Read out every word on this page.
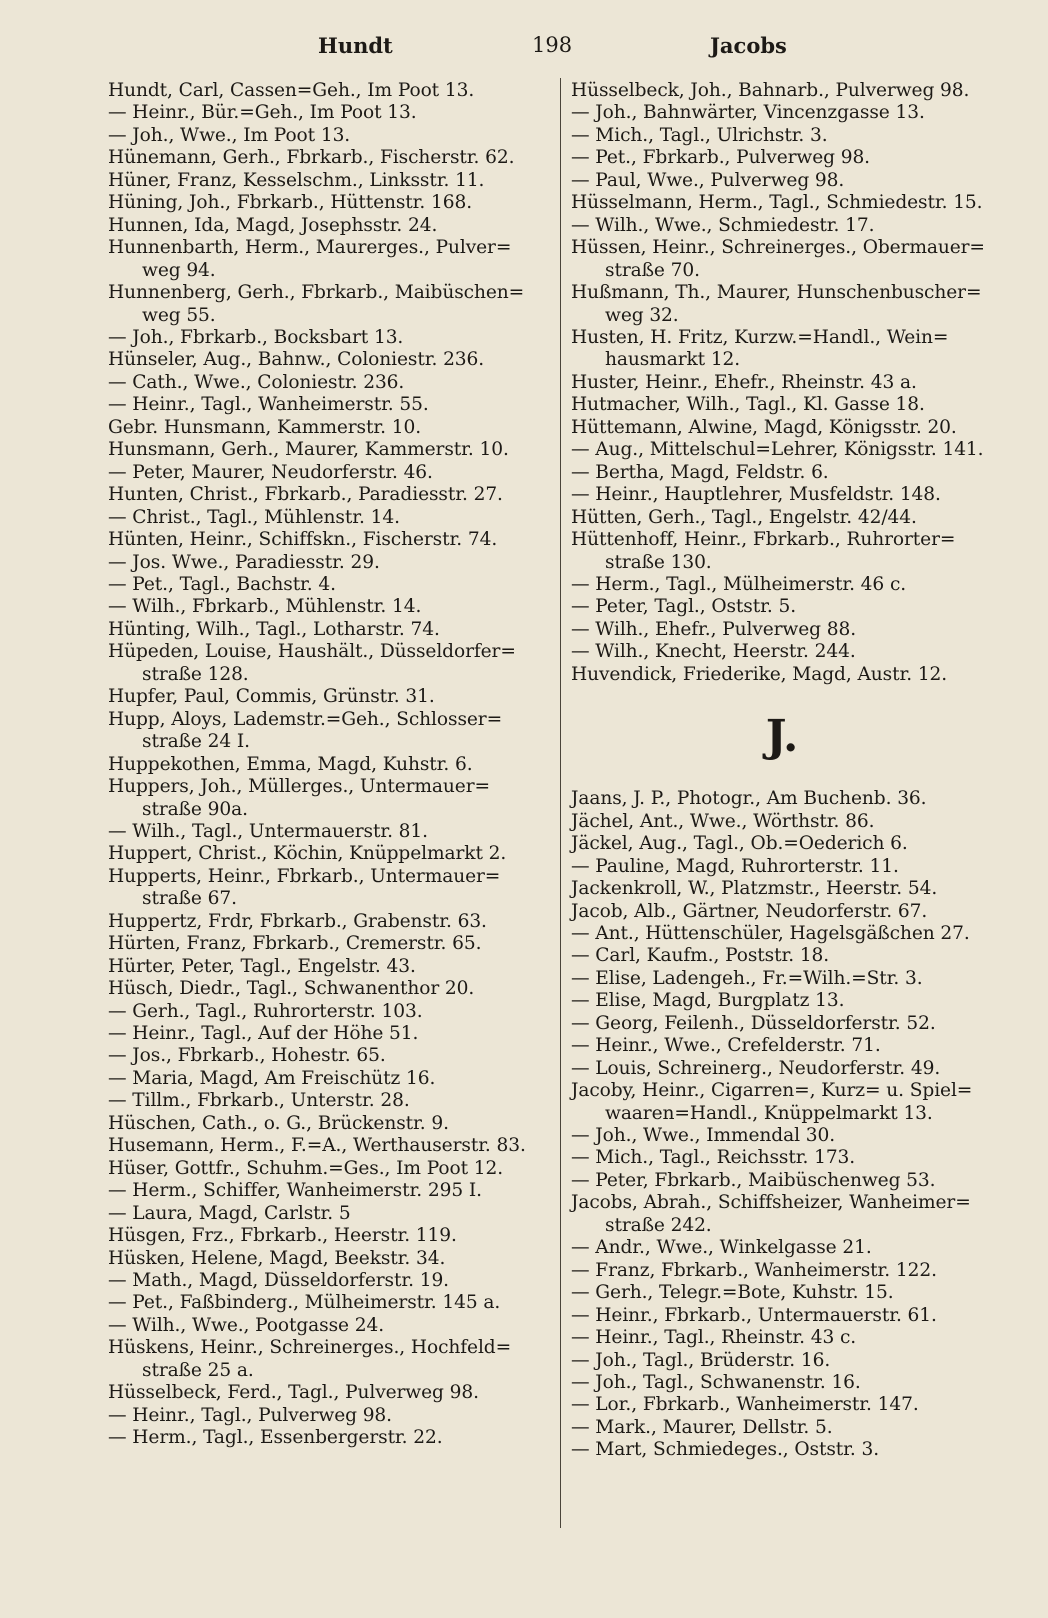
Hundt	198	Jacobs
Hundt, Carl, Cassen=Geh., Im Poot 13.
— Heinr., Bür.=Geh., Im Poot 13.
— Joh., Wwe., Im Poot 13.
Hünemann, Gerh., Fbrkarb., Fischerstr. 62.
Hüner, Franz, Kesselschm., Linksstr. 11.
Hüning, Joh., Fbrkarb., Hüttenstr. 168.
Hunnen, Ida, Magd, Josephsstr. 24.
Hunnenbarth, Herm., Maurerges., Pulver=
weg 94.
Hunnenberg, Gerh., Fbrkarb., Maibüschen=
weg 55.
— Joh., Fbrkarb., Bocksbart 13.
Hünseler, Aug., Bahnw., Coloniestr. 236.
— Cath., Wwe., Coloniestr. 236.
— Heinr., Tagl., Wanheimerstr. 55.
Gebr. Hunsmann, Kammerstr. 10.
Hunsmann, Gerh., Maurer, Kammerstr. 10.
— Peter, Maurer, Neudorferstr. 46.
Hunten, Christ., Fbrkarb., Paradiesstr. 27.
— Christ., Tagl., Mühlenstr. 14.
Hünten, Heinr., Schiffskn., Fischerstr. 74.
— Jos. Wwe., Paradiesstr. 29.
— Pet., Tagl., Bachstr. 4.
— Wilh., Fbrkarb., Mühlenstr. 14.
Hünting, Wilh., Tagl., Lotharstr. 74.
Hüpeden, Louise, Haushält., Düsseldorfer=
straße 128.
Hupfer, Paul, Commis, Grünstr. 31.
Hupp, Aloys, Lademstr.=Geh., Schlosser=
straße 24 I.
Huppekothen, Emma, Magd, Kuhstr. 6.
Huppers, Joh., Müllerges., Untermauer=
straße 90a.
— Wilh., Tagl., Untermauerstr. 81.
Huppert, Christ., Köchin, Knüppelmarkt 2.
Hupperts, Heinr., Fbrkarb., Untermauer=
straße 67.
Huppertz, Frdr, Fbrkarb., Grabenstr. 63.
Hürten, Franz, Fbrkarb., Cremerstr. 65.
Hürter, Peter, Tagl., Engelstr. 43.
Hüsch, Diedr., Tagl., Schwanenthor 20.
— Gerh., Tagl., Ruhrorterstr. 103.
— Heinr., Tagl., Auf der Höhe 51.
— Jos., Fbrkarb., Hohestr. 65.
— Maria, Magd, Am Freischütz 16.
— Tillm., Fbrkarb., Unterstr. 28.
Hüschen, Cath., o. G., Brückenstr. 9.
Husemann, Herm., F.=A., Werthauserstr. 83.
Hüser, Gottfr., Schuhm.=Ges., Im Poot 12.
— Herm., Schiffer, Wanheimerstr. 295 I.
— Laura, Magd, Carlstr. 5
Hüsgen, Frz., Fbrkarb., Heerstr. 119.
Hüsken, Helene, Magd, Beekstr. 34.
— Math., Magd, Düsseldorferstr. 19.
— Pet., Faßbinderg., Mülheimerstr. 145 a.
— Wilh., Wwe., Pootgasse 24.
Hüskens, Heinr., Schreinerges., Hochfeld=
straße 25 a.
Hüsselbeck, Ferd., Tagl., Pulverweg 98.
— Heinr., Tagl., Pulverweg 98.
— Herm., Tagl., Essenbergerstr. 22.
Hüsselbeck, Joh., Bahnarb., Pulverweg 98.
— Joh., Bahnwärter, Vincenzgasse 13.
— Mich., Tagl., Ulrichstr. 3.
— Pet., Fbrkarb., Pulverweg 98.
— Paul, Wwe., Pulverweg 98.
Hüsselmann, Herm., Tagl., Schmiedestr. 15.
— Wilh., Wwe., Schmiedestr. 17.
Hüssen, Heinr., Schreinerges., Obermauer=
straße 70.
Hußmann, Th., Maurer, Hunschenbuscher=
weg 32.
Husten, H. Fritz, Kurzw.=Handl., Wein=
hausmarkt 12.
Huster, Heinr., Ehefr., Rheinstr. 43 a.
Hutmacher, Wilh., Tagl., Kl. Gasse 18.
Hüttemann, Alwine, Magd, Königsstr. 20.
— Aug., Mittelschul=Lehrer, Königsstr. 141.
— Bertha, Magd, Feldstr. 6.
— Heinr., Hauptlehrer, Musfeldstr. 148.
Hütten, Gerh., Tagl., Engelstr. 42/44.
Hüttenhoff, Heinr., Fbrkarb., Ruhrorter=
straße 130.
— Herm., Tagl., Mülheimerstr. 46 c.
— Peter, Tagl., Oststr. 5.
— Wilh., Ehefr., Pulverweg 88.
— Wilh., Knecht, Heerstr. 244.
Huvendick, Friederike, Magd, Austr. 12.
J.
Jaans, J. P., Photogr., Am Buchenb. 36.
Jächel, Ant., Wwe., Wörthstr. 86.
Jäckel, Aug., Tagl., Ob.=Oederich 6.
— Pauline, Magd, Ruhrorterstr. 11.
Jackenkroll, W., Platzmstr., Heerstr. 54.
Jacob, Alb., Gärtner, Neudorferstr. 67.
— Ant., Hüttenschüler, Hagelsgäßchen 27.
— Carl, Kaufm., Poststr. 18.
— Elise, Ladengeh., Fr.=Wilh.=Str. 3.
— Elise, Magd, Burgplatz 13.
— Georg, Feilenh., Düsseldorferstr. 52.
— Heinr., Wwe., Crefelderstr. 71.
— Louis, Schreinerg., Neudorferstr. 49.
Jacoby, Heinr., Cigarren=, Kurz= u. Spiel=
waaren=Handl., Knüppelmarkt 13.
— Joh., Wwe., Immendal 30.
— Mich., Tagl., Reichsstr. 173.
— Peter, Fbrkarb., Maibüschenweg 53.
Jacobs, Abrah., Schiffsheizer, Wanheimer=
straße 242.
— Andr., Wwe., Winkelgasse 21.
— Franz, Fbrkarb., Wanheimerstr. 122.
— Gerh., Telegr.=Bote, Kuhstr. 15.
— Heinr., Fbrkarb., Untermauerstr. 61.
— Heinr., Tagl., Rheinstr. 43 c.
— Joh., Tagl., Brüderstr. 16.
— Joh., Tagl., Schwanenstr. 16.
— Lor., Fbrkarb., Wanheimerstr. 147.
— Mark., Maurer, Dellstr. 5.
— Mart, Schmiedeges., Oststr. 3.
